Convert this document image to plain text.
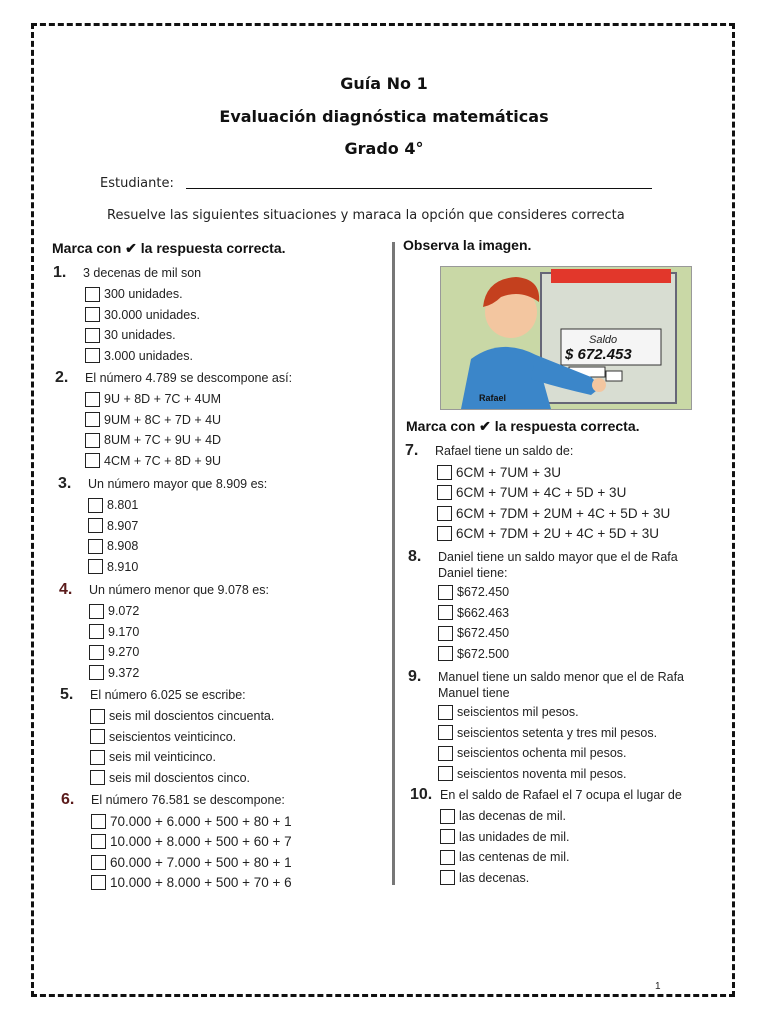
Guía No 1
Evaluación diagnóstica matemáticas
Grado 4°
Estudiante:
Resuelve las siguientes situaciones y maraca la opción que consideres correcta
Marca con ✔ la respuesta correcta.	Observa la imagen.
Marca con ✔ la respuesta correcta.
Saldo
$ 672.453
Rafael
1. 3 decenas de mil son
300 unidades.
30.000 unidades.
30 unidades.
3.000 unidades.
2. El número 4.789 se descompone así:
9U + 8D + 7C + 4UM
9UM + 8C + 7D + 4U
8UM + 7C + 9U + 4D
4CM + 7C + 8D + 9U
3. Un número mayor que 8.909 es:
8.801
8.907
8.908
8.910
4. Un número menor que 9.078 es:
9.072
9.170
9.270
9.372
5. El número 6.025 se escribe:
seis mil doscientos cincuenta.
seiscientos veinticinco.
seis mil veinticinco.
seis mil doscientos cinco.
6. El número 76.581 se descompone:
70.000 + 6.000 + 500 + 80 + 1
10.000 + 8.000 + 500 + 60 + 7
60.000 + 7.000 + 500 + 80 + 1
10.000 + 8.000 + 500 + 70 + 6
7. Rafael tiene un saldo de:
6CM + 7UM + 3U
6CM + 7UM + 4C + 5D + 3U
6CM + 7DM + 2UM + 4C + 5D + 3U
6CM + 7DM + 2U + 4C + 5D + 3U
8. Daniel tiene un saldo mayor que el de Rafa
Daniel tiene:
$672.450
$662.463
$672.450
$672.500
9. Manuel tiene un saldo menor que el de Rafa
Manuel tiene
seiscientos mil pesos.
seiscientos setenta y tres mil pesos.
seiscientos ochenta mil pesos.
seiscientos noventa mil pesos.
10. En el saldo de Rafael el 7 ocupa el lugar de
las decenas de mil.
las unidades de mil.
las centenas de mil.
las decenas.
1
